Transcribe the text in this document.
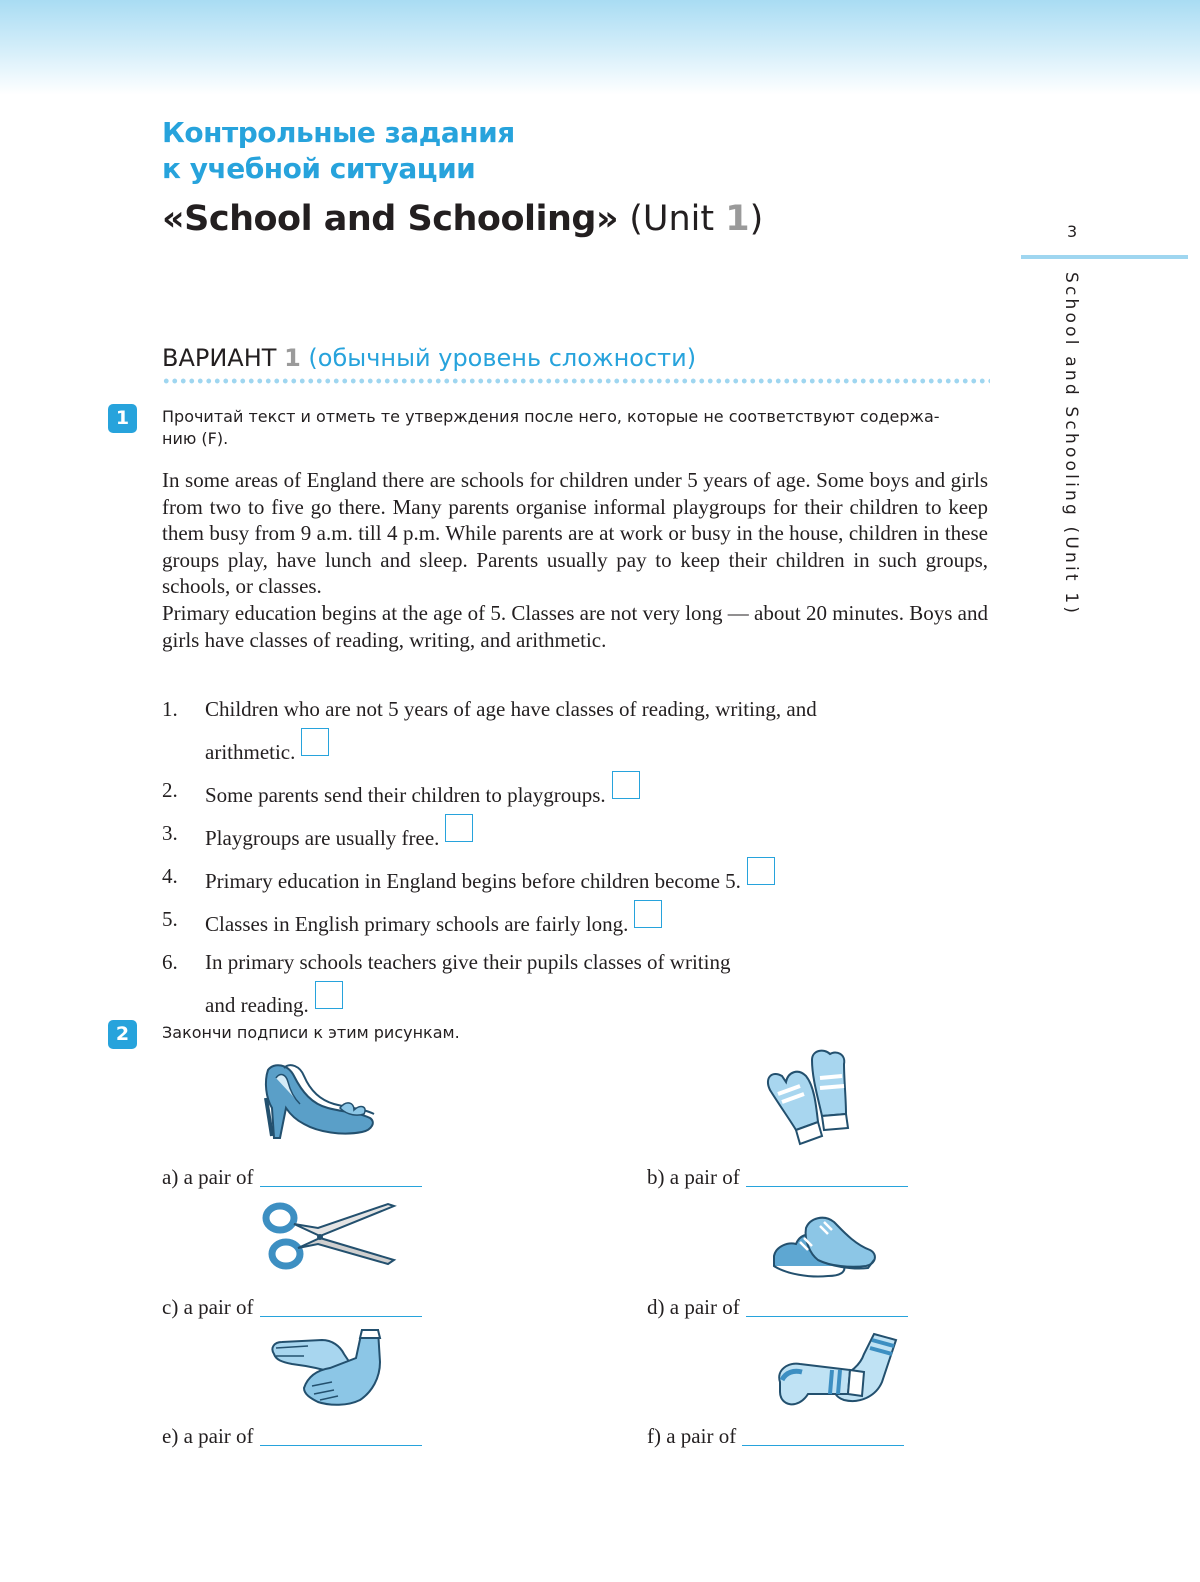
Контрольные задания
к учебной ситуации
«School and Schooling» (Unit 1)	3
School and Schooling (Unit 1)
ВАРИАНТ 1 (обычный уровень сложности)
1	Прочитай текст и отметь те утверждения после него, которые не соответствуют содержа-
нию (F).

In some areas of England there are schools for children under 5 years of age. Some boys and girls from two to five go there. Many parents organise informal playgroups for their children to keep them busy from 9 a.m. till 4 p.m. While parents are at work or busy in the house, children in these groups play, have lunch and sleep. Parents usually pay to keep their children in such groups, schools, or classes.

Primary education begins at the age of 5. Classes are not very long — about 20 minutes. Boys and girls have classes of reading, writing, and arithmetic.

1. Children who are not 5 years of age have classes of reading, writing, and
arithmetic.
2. Some parents send their children to playgroups.
3. Playgroups are usually free.
4. Primary education in England begins before children become 5.
5. Classes in English primary schools are fairly long.
6. In primary schools teachers give their pupils classes of writing
and reading.
2	Закончи подписи к этим рисункам.
a) a pair of	b) a pair of
c) a pair of	d) a pair of
e) a pair of	f) a pair of
